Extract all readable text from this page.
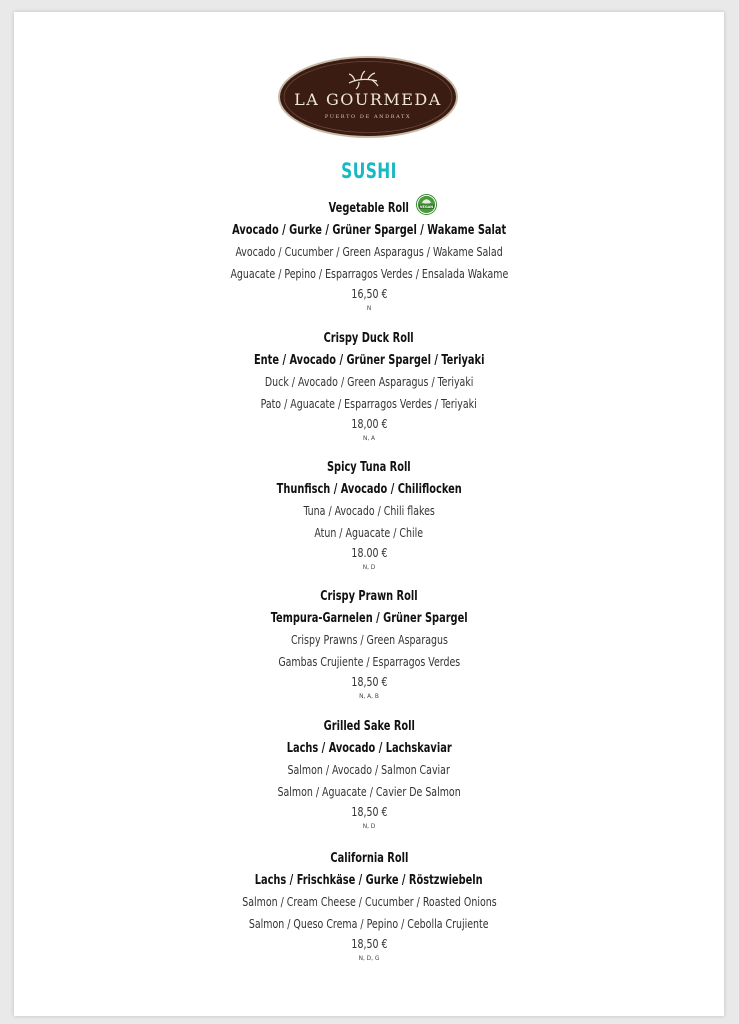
LA GOURMEDA
PUERTO DE ANDRATX
SUSHI
VEGAN
Vegetable Roll
Avocado / Gurke / Grüner Spargel / Wakame Salat
Avocado / Cucumber / Green Asparagus / Wakame Salad
Aguacate / Pepino / Esparragos Verdes / Ensalada Wakame
16,50 €
N
Crispy Duck Roll
Ente / Avocado / Grüner Spargel / Teriyaki
Duck / Avocado / Green Asparagus / Teriyaki
Pato / Aguacate / Esparragos Verdes / Teriyaki
18,00 €
N, A
Spicy Tuna Roll
Thunfisch / Avocado / Chiliflocken
Tuna / Avocado / Chili flakes
Atun / Aguacate / Chile
18.00 €
N, D
Crispy Prawn Roll
Tempura-Garnelen / Grüner Spargel
Crispy Prawns / Green Asparagus
Gambas Crujiente / Esparragos Verdes
18,50 €
N, A, B
Grilled Sake Roll
Lachs / Avocado / Lachskaviar
Salmon / Avocado / Salmon Caviar
Salmon / Aguacate / Cavier De Salmon
18,50 €
N, D
California Roll
Lachs / Frischkäse / Gurke / Röstzwiebeln
Salmon / Cream Cheese / Cucumber / Roasted Onions
Salmon / Queso Crema / Pepino / Cebolla Crujiente
18,50 €
N, D, G
